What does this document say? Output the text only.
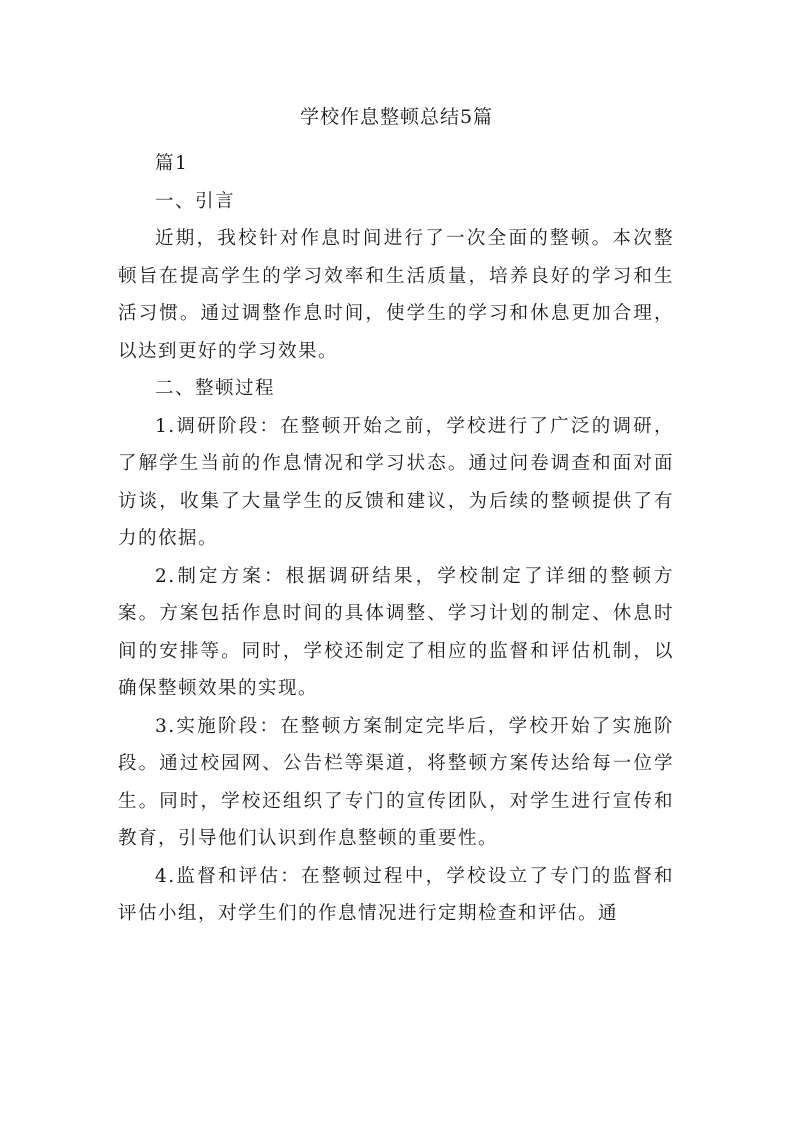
学校作息整顿总结5篇

篇1

一、引言

近期，我校针对作息时间进行了一次全面的整顿。本次整顿旨在提高学生的学习效率和生活质量，培养良好的学习和生活习惯。通过调整作息时间，使学生的学习和休息更加合理，以达到更好的学习效果。

二、整顿过程

1.调研阶段：在整顿开始之前，学校进行了广泛的调研，了解学生当前的作息情况和学习状态。通过问卷调查和面对面访谈，收集了大量学生的反馈和建议，为后续的整顿提供了有力的依据。

2.制定方案：根据调研结果，学校制定了详细的整顿方案。方案包括作息时间的具体调整、学习计划的制定、休息时间的安排等。同时，学校还制定了相应的监督和评估机制，以确保整顿效果的实现。

3.实施阶段：在整顿方案制定完毕后，学校开始了实施阶段。通过校园网、公告栏等渠道，将整顿方案传达给每一位学生。同时，学校还组织了专门的宣传团队，对学生进行宣传和教育，引导他们认识到作息整顿的重要性。

4.监督和评估：在整顿过程中，学校设立了专门的监督和评估小组，对学生们的作息情况进行定期检查和评估。通
